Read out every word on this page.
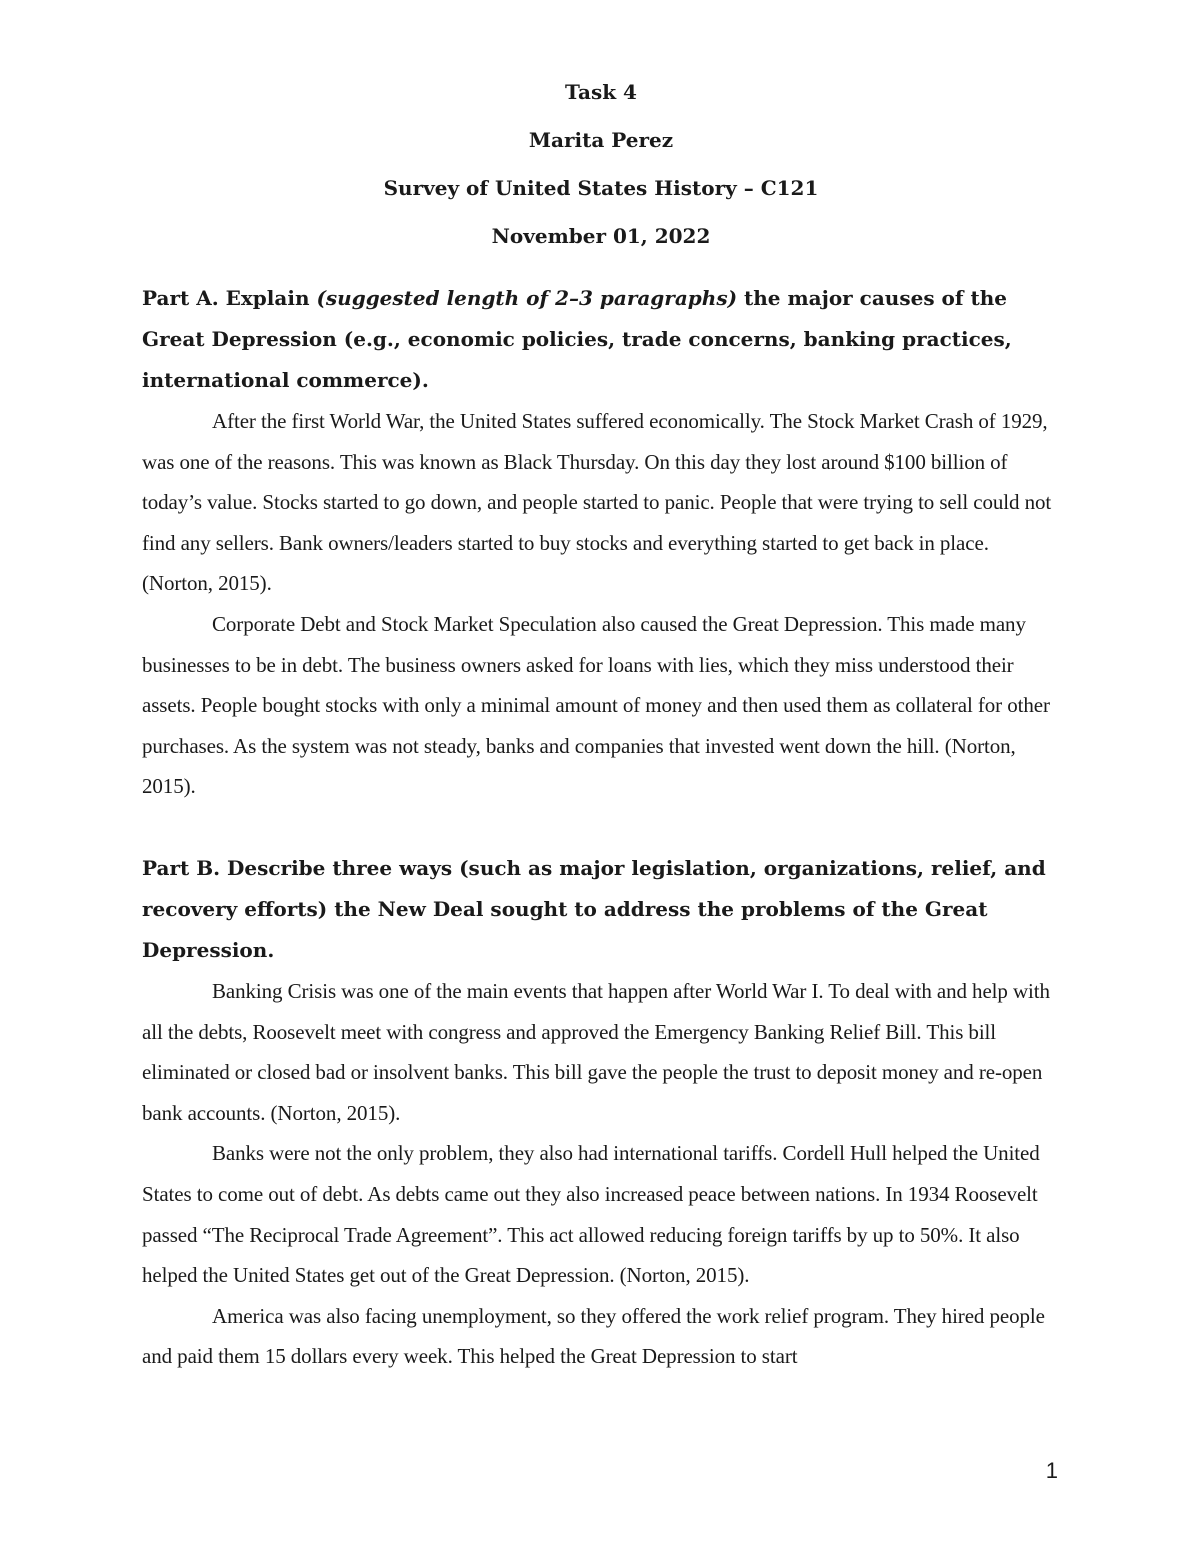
Task 4

Marita Perez

Survey of United States History – C121

November 01, 2022

Part A. Explain (suggested length of 2–3 paragraphs) the major causes of the Great Depression (e.g., economic policies, trade concerns, banking practices, international commerce).

After the first World War, the United States suffered economically. The Stock Market Crash of 1929, was one of the reasons. This was known as Black Thursday. On this day they lost around $100 billion of today’s value. Stocks started to go down, and people started to panic. People that were trying to sell could not find any sellers. Bank owners/leaders started to buy stocks and everything started to get back in place. (Norton, 2015).

Corporate Debt and Stock Market Speculation also caused the Great Depression. This made many businesses to be in debt. The business owners asked for loans with lies, which they miss understood their assets. People bought stocks with only a minimal amount of money and then used them as collateral for other purchases. As the system was not steady, banks and companies that invested went down the hill. (Norton, 2015).

Part B. Describe three ways (such as major legislation, organizations, relief, and recovery efforts) the New Deal sought to address the problems of the Great Depression.

Banking Crisis was one of the main events that happen after World War I. To deal with and help with all the debts, Roosevelt meet with congress and approved the Emergency Banking Relief Bill. This bill eliminated or closed bad or insolvent banks. This bill gave the people the trust to deposit money and re-open bank accounts. (Norton, 2015).

Banks were not the only problem, they also had international tariffs. Cordell Hull helped the United States to come out of debt. As debts came out they also increased peace between nations. In 1934 Roosevelt passed “The Reciprocal Trade Agreement”. This act allowed reducing foreign tariffs by up to 50%. It also helped the United States get out of the Great Depression. (Norton, 2015).

America was also facing unemployment, so they offered the work relief program. They hired people and paid them 15 dollars every week. This helped the Great Depression to start

1
